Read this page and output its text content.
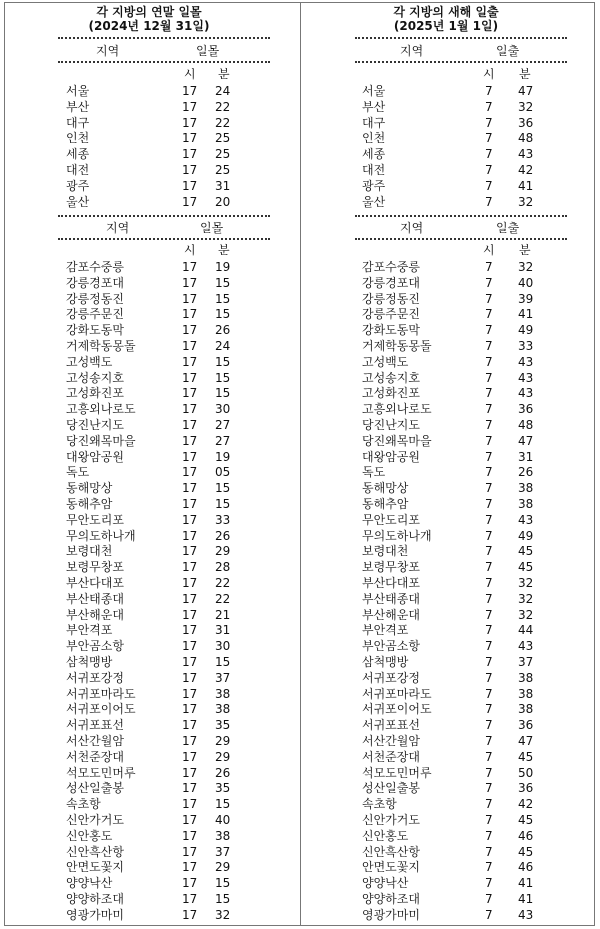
각 지방의 연말 일몰
(2024년 12월 31일)
지역	일몰
시 분
서울	17 24
부산	17 22
대구	17 22
인천	17 25
세종	17 25
대전	17 25
광주	17 31
울산	17 20
지역	일몰
시 분
감포수중릉	17 19
강릉경포대	17 15
강릉정동진	17 15
강릉주문진	17 15
강화도동막	17 26
거제학동몽돌	17 24
고성백도	17 15
고성송지호	17 15
고성화진포	17 15
고흥외나로도	17 30
당진난지도	17 27
당진왜목마을	17 27
대왕암공원	17 19
독도	17 05
동해망상	17 15
동해추암	17 15
무안도리포	17 33
무의도하나개	17 26
보령대천	17 29
보령무창포	17 28
부산다대포	17 22
부산태종대	17 22
부산해운대	17 21
부안격포	17 31
부안곰소항	17 30
삼척맹방	17 15
서귀포강정	17 37
서귀포마라도	17 38
서귀포이어도	17 38
서귀포표선	17 35
서산간월암	17 29
서천준장대	17 29
석모도민머루	17 26
성산일출봉	17 35
속초항	17 15
신안가거도	17 40
신안홍도	17 38
신안흑산항	17 37
안면도꽃지	17 29
양양낙산	17 15
양양하조대	17 15
영광가마미	17 32
각 지방의 새해 일출
(2025년 1월 1일)
지역	일출
시 분
서울	7	47
부산	7	32
대구	7	36
인천	7	48
세종	7	43
대전	7	42
광주	7	41
울산	7	32
지역	일출
시 분
감포수중릉	7	32
강릉경포대	7	40
강릉정동진	7	39
강릉주문진	7	41
강화도동막	7	49
거제학동몽돌	7	33
고성백도	7	43
고성송지호	7	43
고성화진포	7	43
고흥외나로도	7	36
당진난지도	7	48
당진왜목마을	7	47
대왕암공원	7	31
독도	7	26
동해망상	7	38
동해추암	7	38
무안도리포	7	43
무의도하나개	7	49
보령대천	7	45
보령무창포	7	45
부산다대포	7	32
부산태종대	7	32
부산해운대	7	32
부안격포	7	44
부안곰소항	7	43
삼척맹방	7	37
서귀포강정	7	38
서귀포마라도	7	38
서귀포이어도	7	38
서귀포표선	7	36
서산간월암	7	47
서천준장대	7	45
석모도민머루	7	50
성산일출봉	7	36
속초항	7	42
신안가거도	7	45
신안홍도	7	46
신안흑산항	7	45
안면도꽃지	7	46
양양낙산	7	41
양양하조대	7	41
영광가마미	7	43
